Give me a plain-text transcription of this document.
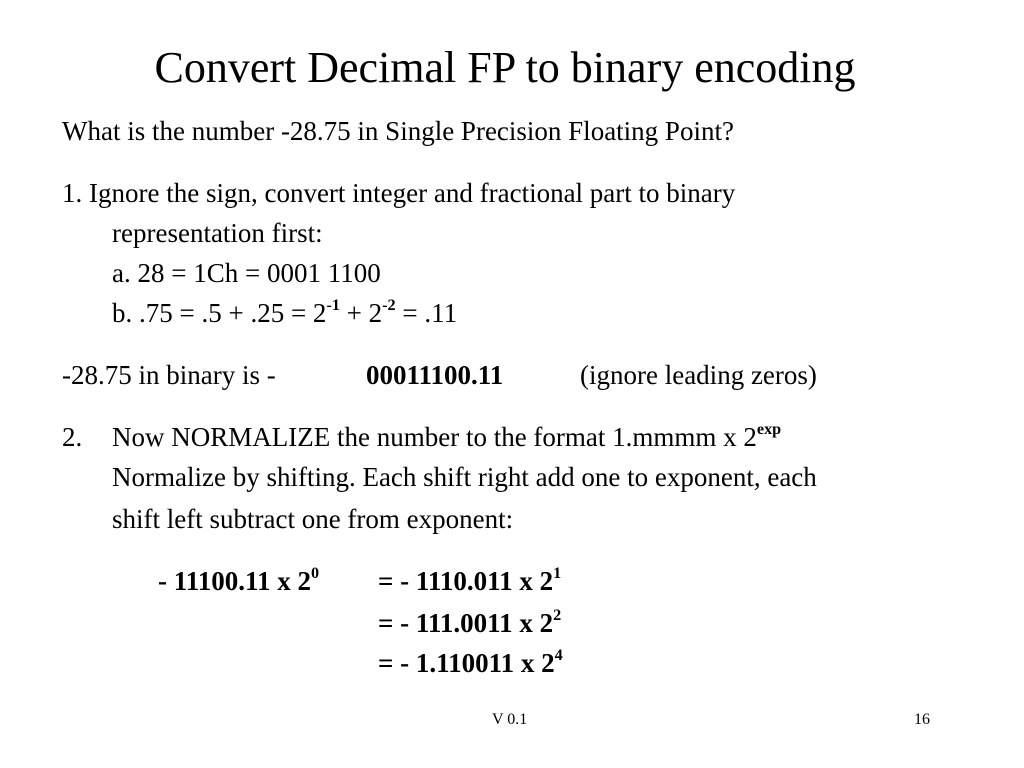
Convert Decimal FP to binary encoding
What is the number -28.75 in Single Precision Floating Point?
1. Ignore the sign, convert integer and fractional part to binary
representation first:
a. 28 = 1Ch = 0001 1100
b. $.75 = .5 + .25 = 2^{-1} + 2^{-2} = .11$
-28.75 in binary is -	00011100.11	(ignore leading zeros)
2. Now NORMALIZE the number to the format 1.mmmm x $2^{exp}$
Normalize by shifting. Each shift right add one to exponent, each
shift left subtract one from exponent:
- 11100.11 x $2^0$ = - 1110.011 x $2^1$
= - 111.0011 x $2^2$
= - 1.110011 x $2^4$
V 0.1	16
